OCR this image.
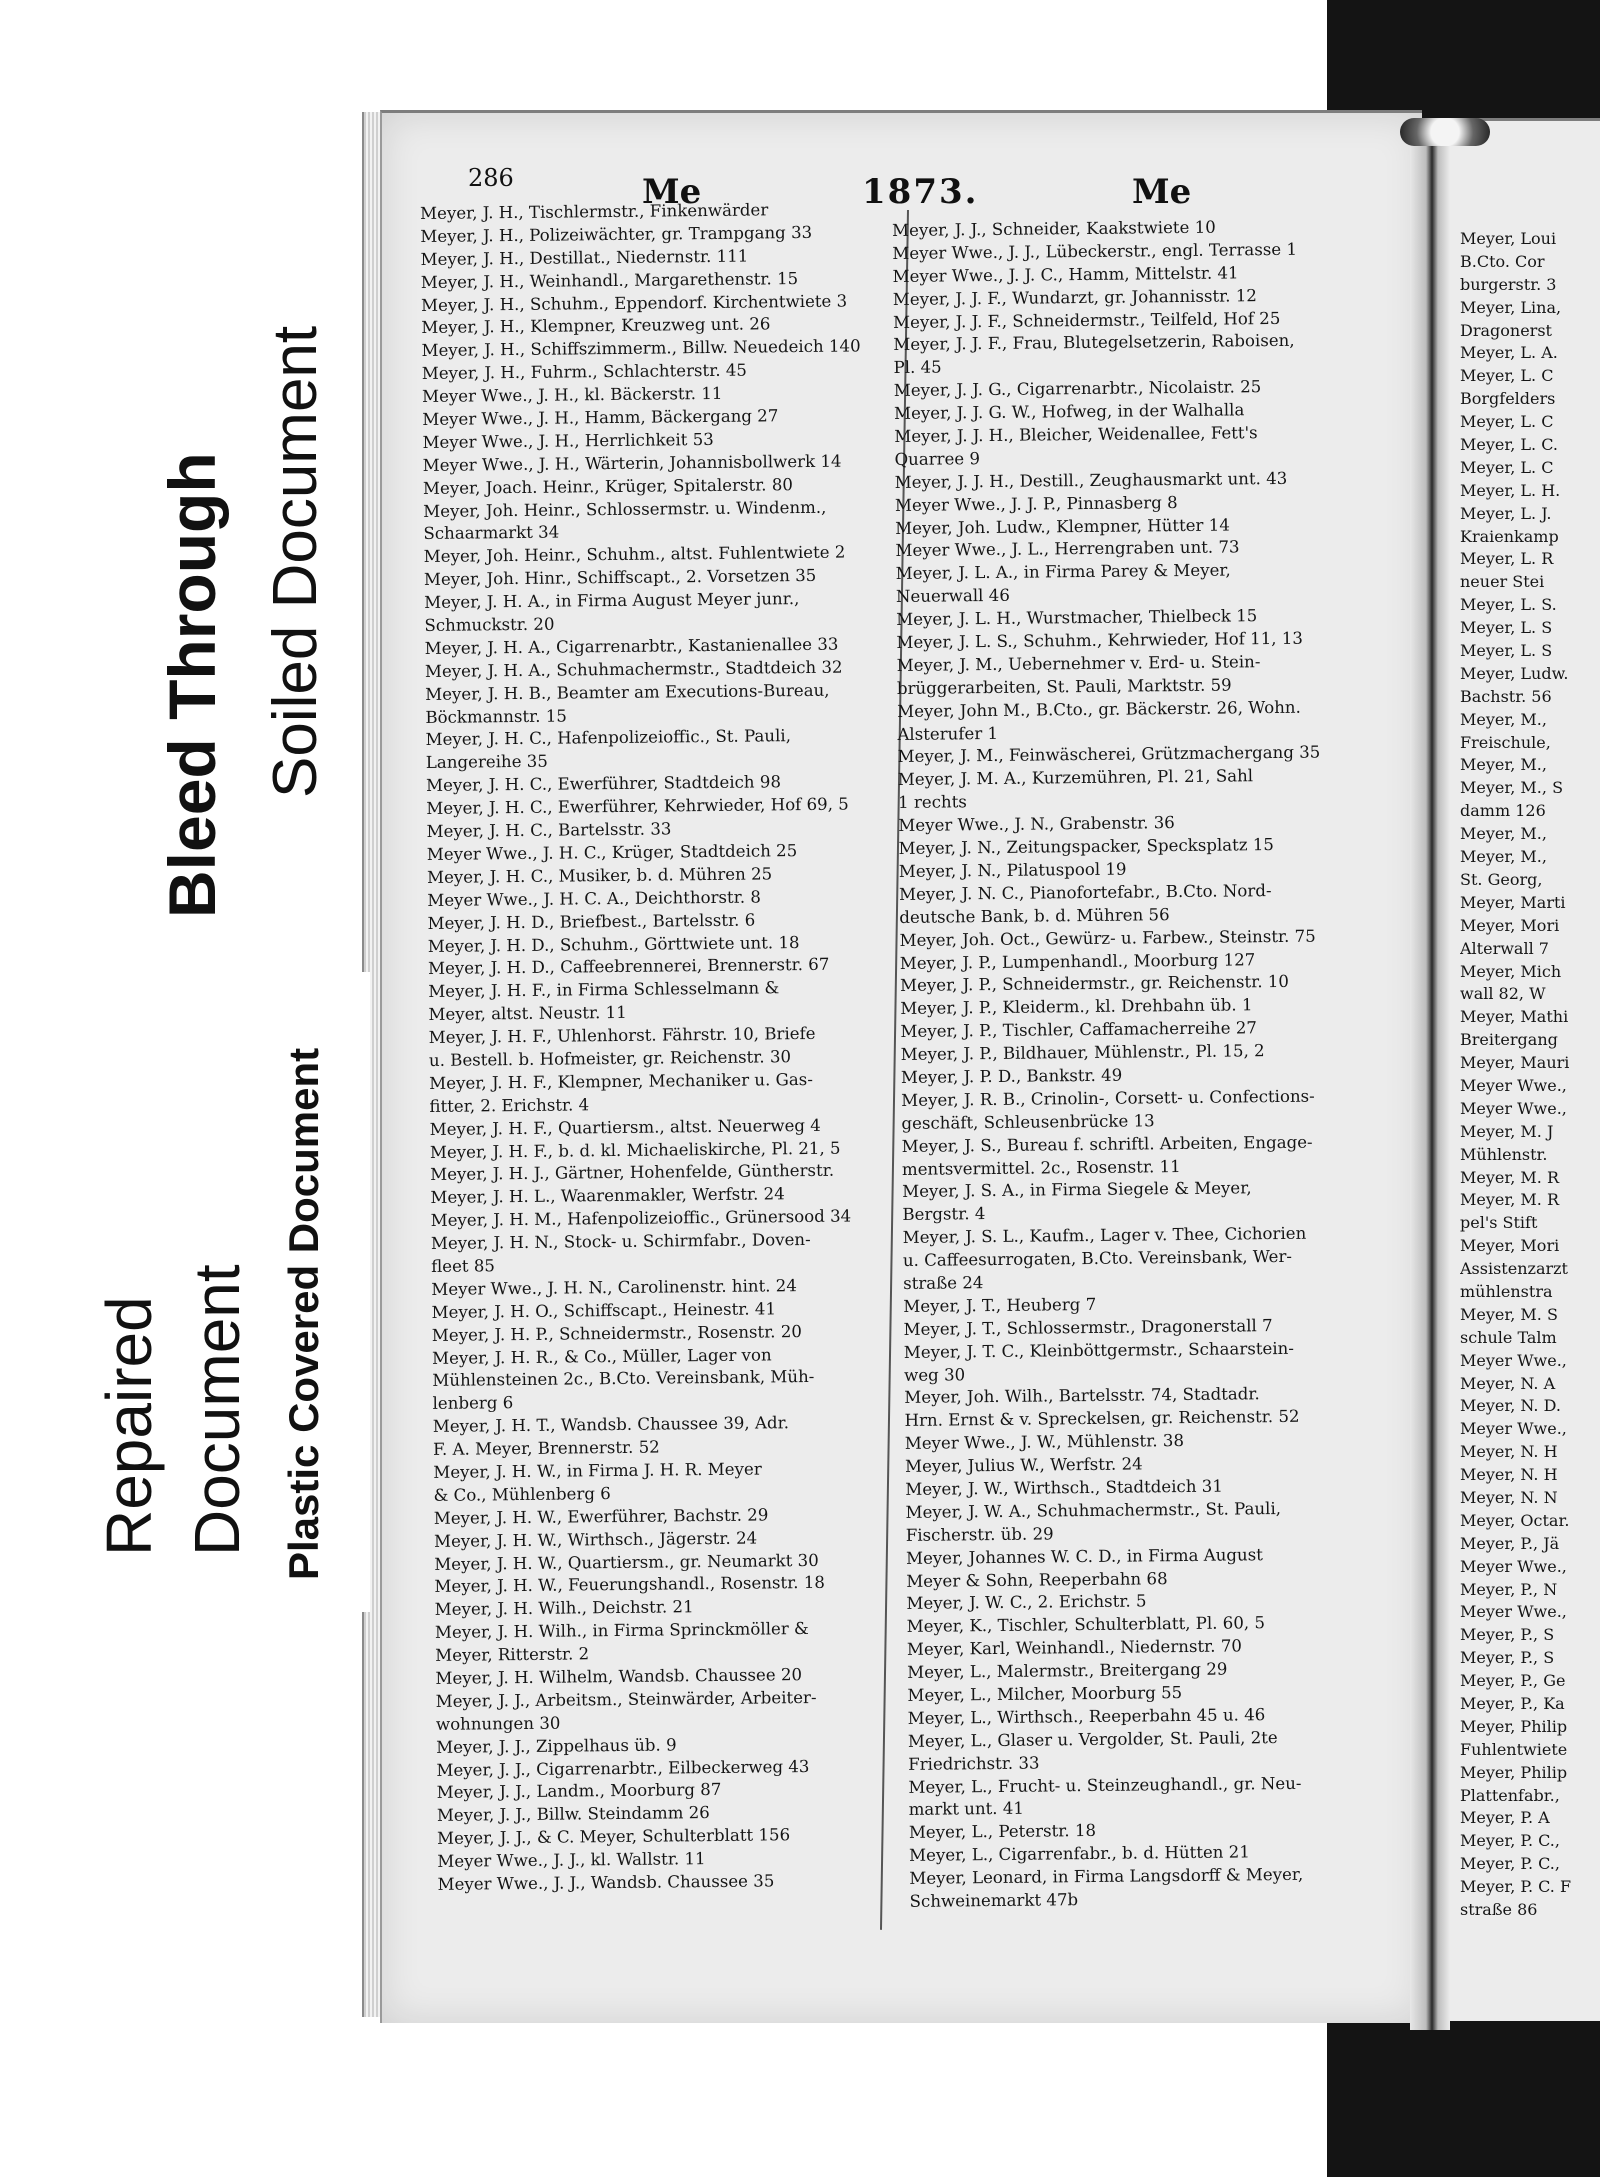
286	Me	1873.	Me
Meyer, J. H., Tischlermstr., Finkenwärder
Meyer, J. H., Polizeiwächter, gr. Trampgang 33
Meyer, J. H., Destillat., Niedernstr. 111
Meyer, J. H., Weinhandl., Margarethenstr. 15
Meyer, J. H., Schuhm., Eppendorf. Kirchentwiete 3
Meyer, J. H., Klempner, Kreuzweg unt. 26
Meyer, J. H., Schiffszimmerm., Billw. Neuedeich 140
Meyer, J. H., Fuhrm., Schlachterstr. 45
Meyer Wwe., J. H., kl. Bäckerstr. 11
Meyer Wwe., J. H., Hamm, Bäckergang 27
Meyer Wwe., J. H., Herrlichkeit 53
Meyer Wwe., J. H., Wärterin, Johannisbollwerk 14
Meyer, Joach. Heinr., Krüger, Spitalerstr. 80
Meyer, Joh. Heinr., Schlossermstr. u. Windenm.,
Schaarmarkt 34
Meyer, Joh. Heinr., Schuhm., altst. Fuhlentwiete 2
Meyer, Joh. Hinr., Schiffscapt., 2. Vorsetzen 35
Meyer, J. H. A., in Firma August Meyer junr.,
Schmuckstr. 20
Meyer, J. H. A., Cigarrenarbtr., Kastanienallee 33
Meyer, J. H. A., Schuhmachermstr., Stadtdeich 32
Meyer, J. H. B., Beamter am Executions-Bureau,
Böckmannstr. 15
Meyer, J. H. C., Hafenpolizeioffic., St. Pauli,
Langereihe 35
Meyer, J. H. C., Ewerführer, Stadtdeich 98
Meyer, J. H. C., Ewerführer, Kehrwieder, Hof 69, 5
Meyer, J. H. C., Bartelsstr. 33
Meyer Wwe., J. H. C., Krüger, Stadtdeich 25
Meyer, J. H. C., Musiker, b. d. Mühren 25
Meyer Wwe., J. H. C. A., Deichthorstr. 8
Meyer, J. H. D., Briefbest., Bartelsstr. 6
Meyer, J. H. D., Schuhm., Görttwiete unt. 18
Meyer, J. H. D., Caffeebrennerei, Brennerstr. 67
Meyer, J. H. F., in Firma Schlesselmann &
Meyer, altst. Neustr. 11
Meyer, J. H. F., Uhlenhorst. Fährstr. 10, Briefe
u. Bestell. b. Hofmeister, gr. Reichenstr. 30
Meyer, J. H. F., Klempner, Mechaniker u. Gas-
fitter, 2. Erichstr. 4
Meyer, J. H. F., Quartiersm., altst. Neuerweg 4
Meyer, J. H. F., b. d. kl. Michaeliskirche, Pl. 21, 5
Meyer, J. H. J., Gärtner, Hohenfelde, Güntherstr.
Meyer, J. H. L., Waarenmakler, Werfstr. 24
Meyer, J. H. M., Hafenpolizeioffic., Grünersood 34
Meyer, J. H. N., Stock- u. Schirmfabr., Doven-
fleet 85
Meyer Wwe., J. H. N., Carolinenstr. hint. 24
Meyer, J. H. O., Schiffscapt., Heinestr. 41
Meyer, J. H. P., Schneidermstr., Rosenstr. 20
Meyer, J. H. R., & Co., Müller, Lager von
Mühlensteinen 2c., B.Cto. Vereinsbank, Müh-
lenberg 6
Meyer, J. H. T., Wandsb. Chaussee 39, Adr.
F. A. Meyer, Brennerstr. 52
Meyer, J. H. W., in Firma J. H. R. Meyer
& Co., Mühlenberg 6
Meyer, J. H. W., Ewerführer, Bachstr. 29
Meyer, J. H. W., Wirthsch., Jägerstr. 24
Meyer, J. H. W., Quartiersm., gr. Neumarkt 30
Meyer, J. H. W., Feuerungshandl., Rosenstr. 18
Meyer, J. H. Wilh., Deichstr. 21
Meyer, J. H. Wilh., in Firma Sprinckmöller &
Meyer, Ritterstr. 2
Meyer, J. H. Wilhelm, Wandsb. Chaussee 20
Meyer, J. J., Arbeitsm., Steinwärder, Arbeiter-
wohnungen 30
Meyer, J. J., Zippelhaus üb. 9
Meyer, J. J., Cigarrenarbtr., Eilbeckerweg 43
Meyer, J. J., Landm., Moorburg 87
Meyer, J. J., Billw. Steindamm 26
Meyer, J. J., & C. Meyer, Schulterblatt 156
Meyer Wwe., J. J., kl. Wallstr. 11
Meyer Wwe., J. J., Wandsb. Chaussee 35
Meyer, J. J., Schneider, Kaakstwiete 10
Meyer Wwe., J. J., Lübeckerstr., engl. Terrasse 1
Meyer Wwe., J. J. C., Hamm, Mittelstr. 41
Meyer, J. J. F., Wundarzt, gr. Johannisstr. 12
Meyer, J. J. F., Schneidermstr., Teilfeld, Hof 25
Meyer, J. J. F., Frau, Blutegelsetzerin, Raboisen,
Pl. 45
Meyer, J. J. G., Cigarrenarbtr., Nicolaistr. 25
Meyer, J. J. G. W., Hofweg, in der Walhalla
Meyer, J. J. H., Bleicher, Weidenallee, Fett's
Quarree 9
Meyer, J. J. H., Destill., Zeughausmarkt unt. 43
Meyer Wwe., J. J. P., Pinnasberg 8
Meyer, Joh. Ludw., Klempner, Hütter 14
Meyer Wwe., J. L., Herrengraben unt. 73
Meyer, J. L. A., in Firma Parey & Meyer,
Neuerwall 46
Meyer, J. L. H., Wurstmacher, Thielbeck 15
Meyer, J. L. S., Schuhm., Kehrwieder, Hof 11, 13
Meyer, J. M., Uebernehmer v. Erd- u. Stein-
brüggerarbeiten, St. Pauli, Marktstr. 59
Meyer, John M., B.Cto., gr. Bäckerstr. 26, Wohn.
Alsterufer 1
Meyer, J. M., Feinwäscherei, Grützmachergang 35
Meyer, J. M. A., Kurzemühren, Pl. 21, Sahl
1 rechts
Meyer Wwe., J. N., Grabenstr. 36
Meyer, J. N., Zeitungspacker, Specksplatz 15
Meyer, J. N., Pilatuspool 19
Meyer, J. N. C., Pianofortefabr., B.Cto. Nord-
deutsche Bank, b. d. Mühren 56
Meyer, Joh. Oct., Gewürz- u. Farbew., Steinstr. 75
Meyer, J. P., Lumpenhandl., Moorburg 127
Meyer, J. P., Schneidermstr., gr. Reichenstr. 10
Meyer, J. P., Kleiderm., kl. Drehbahn üb. 1
Meyer, J. P., Tischler, Caffamacherreihe 27
Meyer, J. P., Bildhauer, Mühlenstr., Pl. 15, 2
Meyer, J. P. D., Bankstr. 49
Meyer, J. R. B., Crinolin-, Corsett- u. Confections-
geschäft, Schleusenbrücke 13
Meyer, J. S., Bureau f. schriftl. Arbeiten, Engage-
mentsvermittel. 2c., Rosenstr. 11
Meyer, J. S. A., in Firma Siegele & Meyer,
Bergstr. 4
Meyer, J. S. L., Kaufm., Lager v. Thee, Cichorien
u. Caffeesurrogaten, B.Cto. Vereinsbank, Wer-
straße 24
Meyer, J. T., Heuberg 7
Meyer, J. T., Schlossermstr., Dragonerstall 7
Meyer, J. T. C., Kleinböttgermstr., Schaarstein-
weg 30
Meyer, Joh. Wilh., Bartelsstr. 74, Stadtadr.
Hrn. Ernst & v. Spreckelsen, gr. Reichenstr. 52
Meyer Wwe., J. W., Mühlenstr. 38
Meyer, Julius W., Werfstr. 24
Meyer, J. W., Wirthsch., Stadtdeich 31
Meyer, J. W. A., Schuhmachermstr., St. Pauli,
Fischerstr. üb. 29
Meyer, Johannes W. C. D., in Firma August
Meyer & Sohn, Reeperbahn 68
Meyer, J. W. C., 2. Erichstr. 5
Meyer, K., Tischler, Schulterblatt, Pl. 60, 5
Meyer, Karl, Weinhandl., Niedernstr. 70
Meyer, L., Malermstr., Breitergang 29
Meyer, L., Milcher, Moorburg 55
Meyer, L., Wirthsch., Reeperbahn 45 u. 46
Meyer, L., Glaser u. Vergolder, St. Pauli, 2te
Friedrichstr. 33
Meyer, L., Frucht- u. Steinzeughandl., gr. Neu-
markt unt. 41
Meyer, L., Peterstr. 18
Meyer, L., Cigarrenfabr., b. d. Hütten 21
Meyer, Leonard, in Firma Langsdorff & Meyer,
Schweinemarkt 47b
Meyer, Loui
B.Cto. Cor
burgerstr. 3
Meyer, Lina,
Dragonerst
Meyer, L. A.
Meyer, L. C
Borgfelders
Meyer, L. C
Meyer, L. C.
Meyer, L. C
Meyer, L. H.
Meyer, L. J.
Kraienkamp
Meyer, L. R
neuer Stei
Meyer, L. S.
Meyer, L. S
Meyer, L. S
Meyer, Ludw.
Bachstr. 56
Meyer, M.,
Freischule,
Meyer, M.,
Meyer, M., S
damm 126
Meyer, M.,
Meyer, M.,
St. Georg,
Meyer, Marti
Meyer, Mori
Alterwall 7
Meyer, Mich
wall 82, W
Meyer, Mathi
Breitergang
Meyer, Mauri
Meyer Wwe.,
Meyer Wwe.,
Meyer, M. J
Mühlenstr.
Meyer, M. R
Meyer, M. R
pel's Stift
Meyer, Mori
Assistenzarzt
mühlenstra
Meyer, M. S
schule Talm
Meyer Wwe.,
Meyer, N. A
Meyer, N. D.
Meyer Wwe.,
Meyer, N. H
Meyer, N. H
Meyer, N. N
Meyer, Octar.
Meyer, P., Jä
Meyer Wwe.,
Meyer, P., N
Meyer Wwe.,
Meyer, P., S
Meyer, P., S
Meyer, P., Ge
Meyer, P., Ka
Meyer, Philip
Fuhlentwiete
Meyer, Philip
Plattenfabr.,
Meyer, P. A
Meyer, P. C.,
Meyer, P. C.,
Meyer, P. C. F
straße 86
Bleed Through Soiled Document
Repaired Document Plastic Covered Document
